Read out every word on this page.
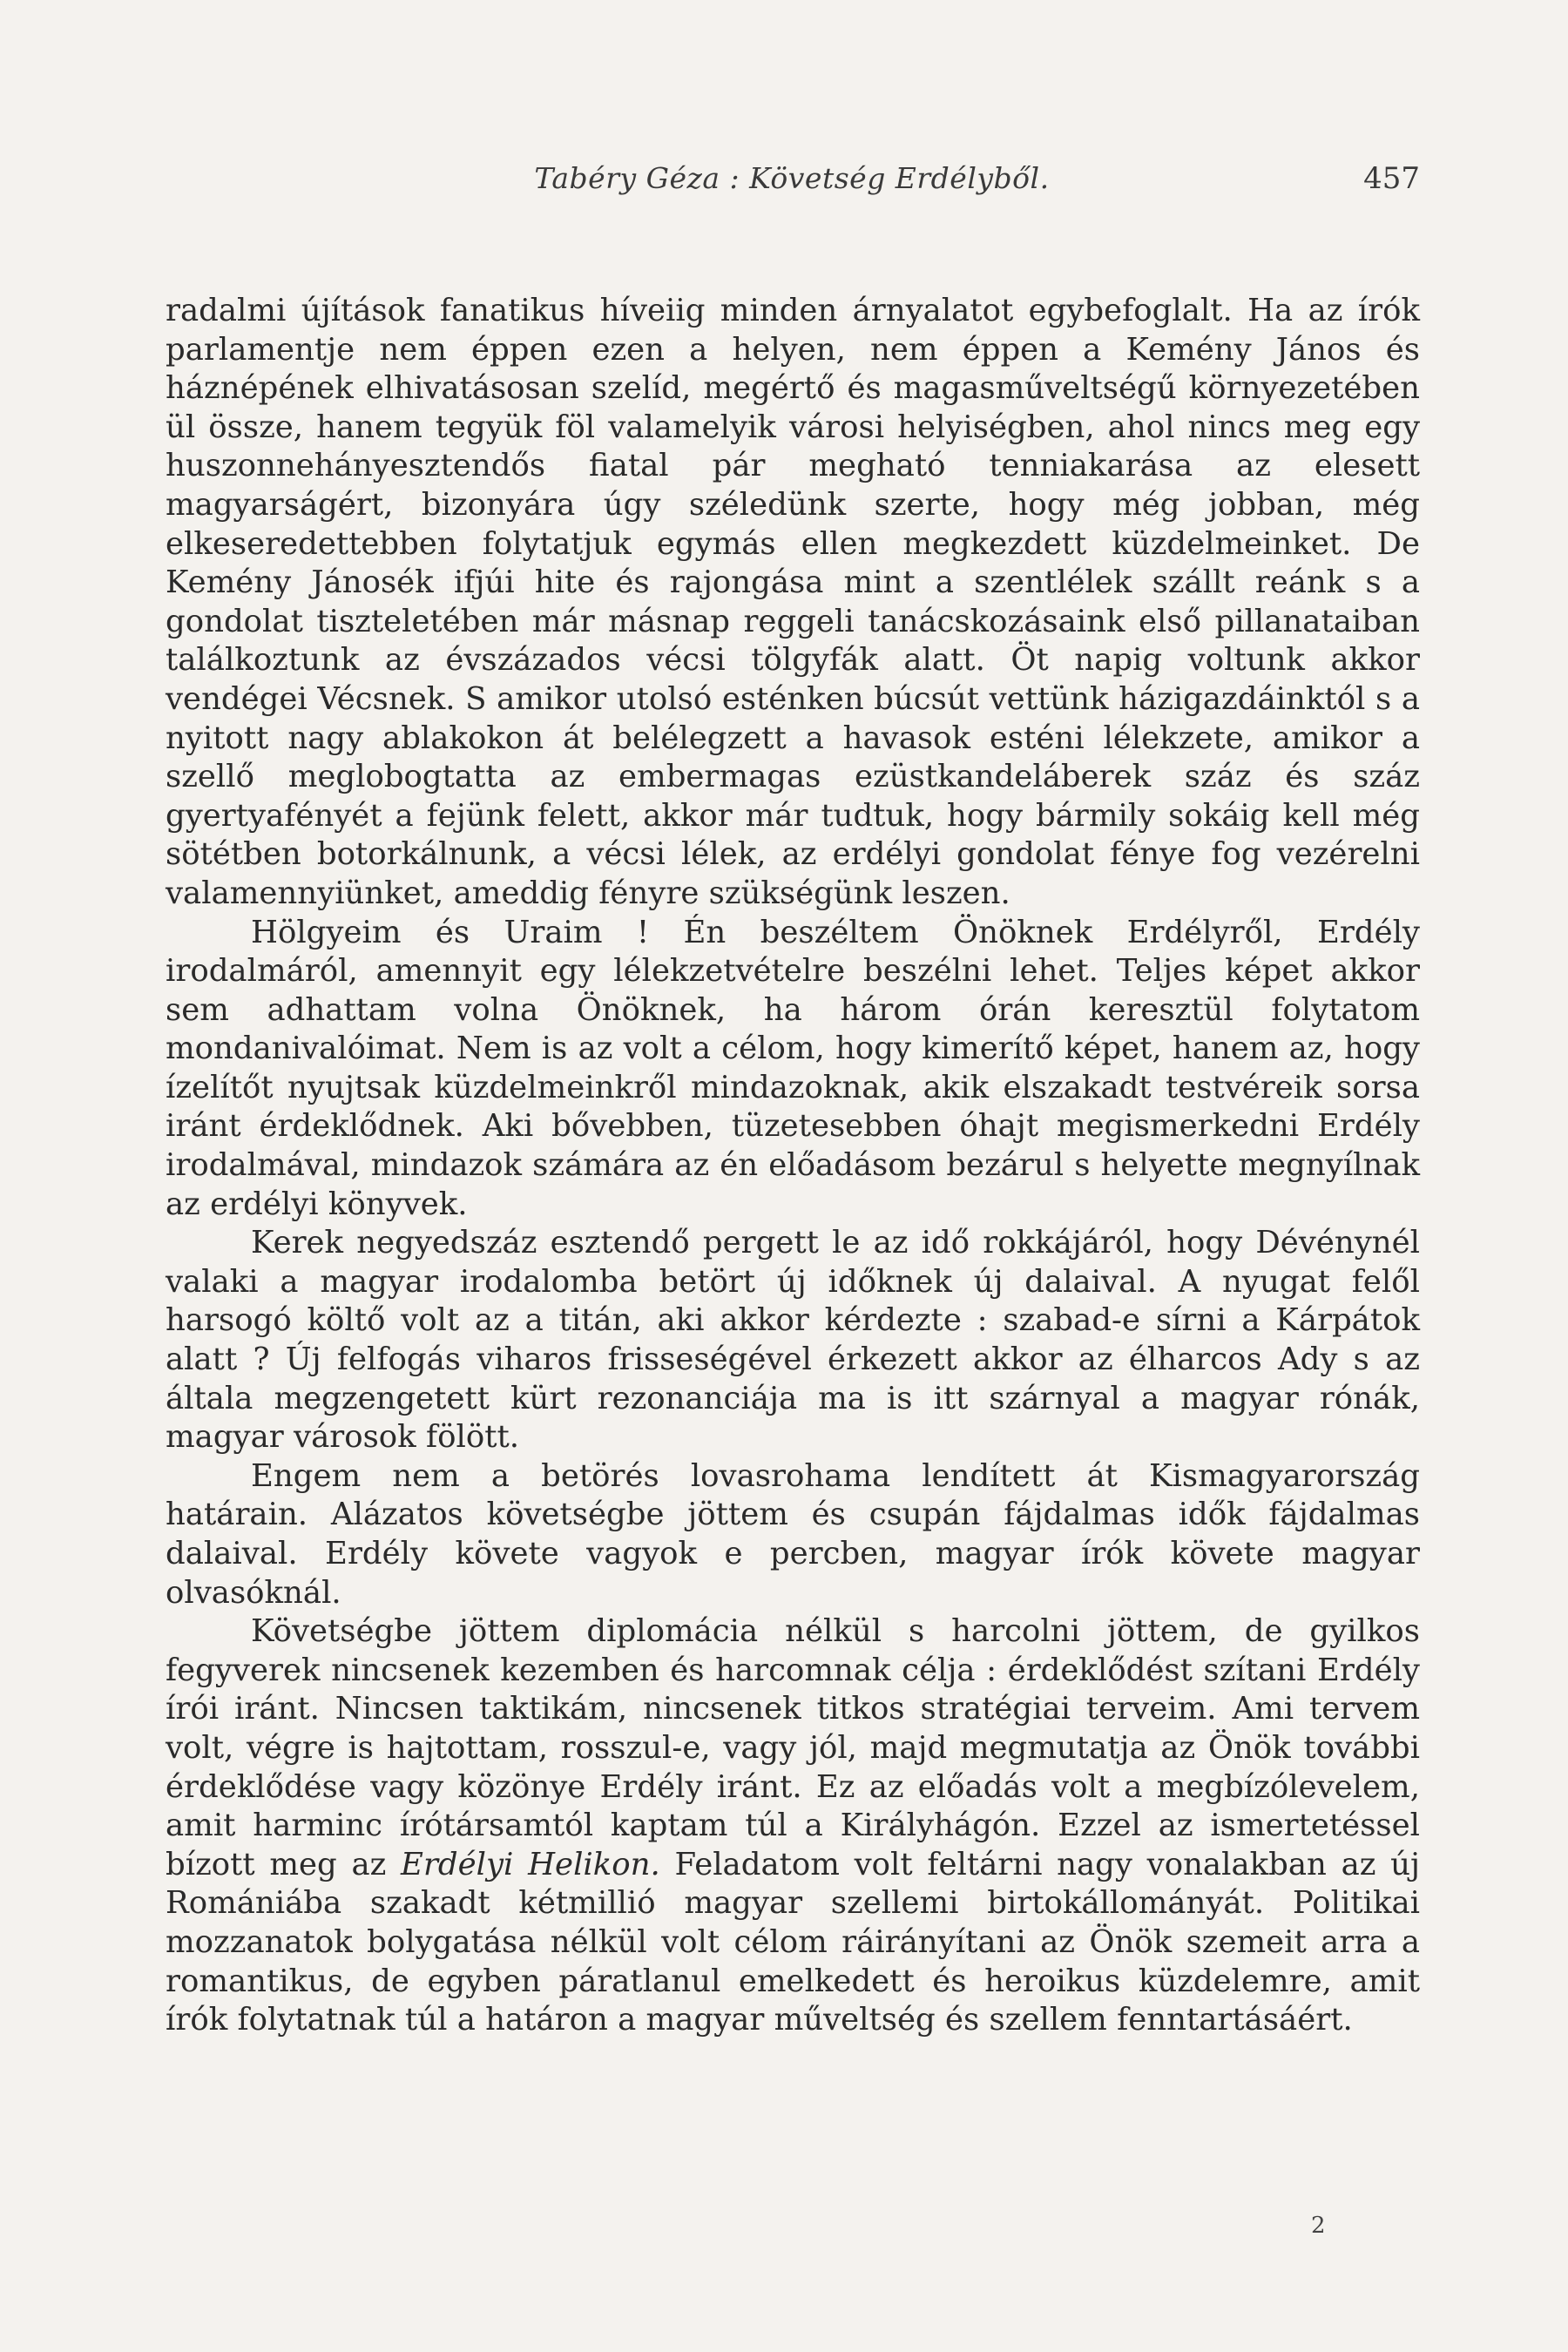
Tabéry Géza : Követség Erdélyből.	457

radalmi újítások fanatikus híveiig minden árnyalatot egybefoglalt. Ha az írók parlamentje nem éppen ezen a helyen, nem éppen a Kemény János és háznépének elhivatásosan szelíd, megértő és magasműveltségű környezetében ül össze, hanem tegyük föl valamelyik városi helyiségben, ahol nincs meg egy huszonnehányesztendős fiatal pár megható tenniakarása az elesett magyarságért, bizonyára úgy széledünk szerte, hogy még jobban, még elkeseredettebben folytatjuk egymás ellen megkezdett küzdelmeinket. De Kemény Jánosék ifjúi hite és rajongása mint a szentlélek szállt reánk s a gondolat tiszteletében már másnap reggeli tanácskozásaink első pillanataiban találkoztunk az évszázados vécsi tölgyfák alatt. Öt napig voltunk akkor vendégei Vécsnek. S amikor utolsó esténken búcsút vettünk házigazdáinktól s a nyitott nagy ablakokon át belélegzett a havasok esténi lélekzete, amikor a szellő meglobogtatta az embermagas ezüstkandeláberek száz és száz gyertyafényét a fejünk felett, akkor már tudtuk, hogy bármily sokáig kell még sötétben botorkálnunk, a vécsi lélek, az erdélyi gondolat fénye fog vezérelni valamennyiünket, ameddig fényre szükségünk leszen.

Hölgyeim és Uraim ! Én beszéltem Önöknek Erdélyről, Erdély irodalmáról, amennyit egy lélekzetvételre beszélni lehet. Teljes képet akkor sem adhattam volna Önöknek, ha három órán keresztül folytatom mondanivalóimat. Nem is az volt a célom, hogy kimerítő képet, hanem az, hogy ízelítőt nyujtsak küzdelmeinkről mindazoknak, akik elszakadt testvéreik sorsa iránt érdeklődnek. Aki bővebben, tüzetesebben óhajt megismerkedni Erdély irodalmával, mindazok számára az én előadásom bezárul s helyette megnyílnak az erdélyi könyvek.

Kerek negyedszáz esztendő pergett le az idő rokkájáról, hogy Dévénynél valaki a magyar irodalomba betört új időknek új dalaival. A nyugat felől harsogó költő volt az a titán, aki akkor kérdezte : szabad-e sírni a Kárpátok alatt ? Új felfogás viharos frisseségével érkezett akkor az élharcos Ady s az általa megzengetett kürt rezonanciája ma is itt szárnyal a magyar rónák, magyar városok fölött.

Engem nem a betörés lovasrohama lendített át Kismagyarország határain. Alázatos követségbe jöttem és csupán fájdalmas idők fájdalmas dalaival. Erdély követe vagyok e percben, magyar írók követe magyar olvasóknál.

Követségbe jöttem diplomácia nélkül s harcolni jöttem, de gyilkos fegyverek nincsenek kezemben és harcomnak célja : érdeklődést szítani Erdély írói iránt. Nincsen taktikám, nincsenek titkos stratégiai terveim. Ami tervem volt, végre is hajtottam, rosszul-e, vagy jól, majd megmutatja az Önök további érdeklődése vagy közönye Erdély iránt. Ez az előadás volt a megbízólevelem, amit harminc írótársamtól kaptam túl a Királyhágón. Ezzel az ismertetéssel bízott meg az Erdélyi Helikon. Feladatom volt feltárni nagy vonalakban az új Romániába szakadt kétmillió magyar szellemi birtokállományát. Politikai mozzanatok bolygatása nélkül volt célom ráirányítani az Önök szemeit arra a romantikus, de egyben páratlanul emelkedett és heroikus küzdelemre, amit írók folytatnak túl a határon a magyar műveltség és szellem fenntartásáért.

2
